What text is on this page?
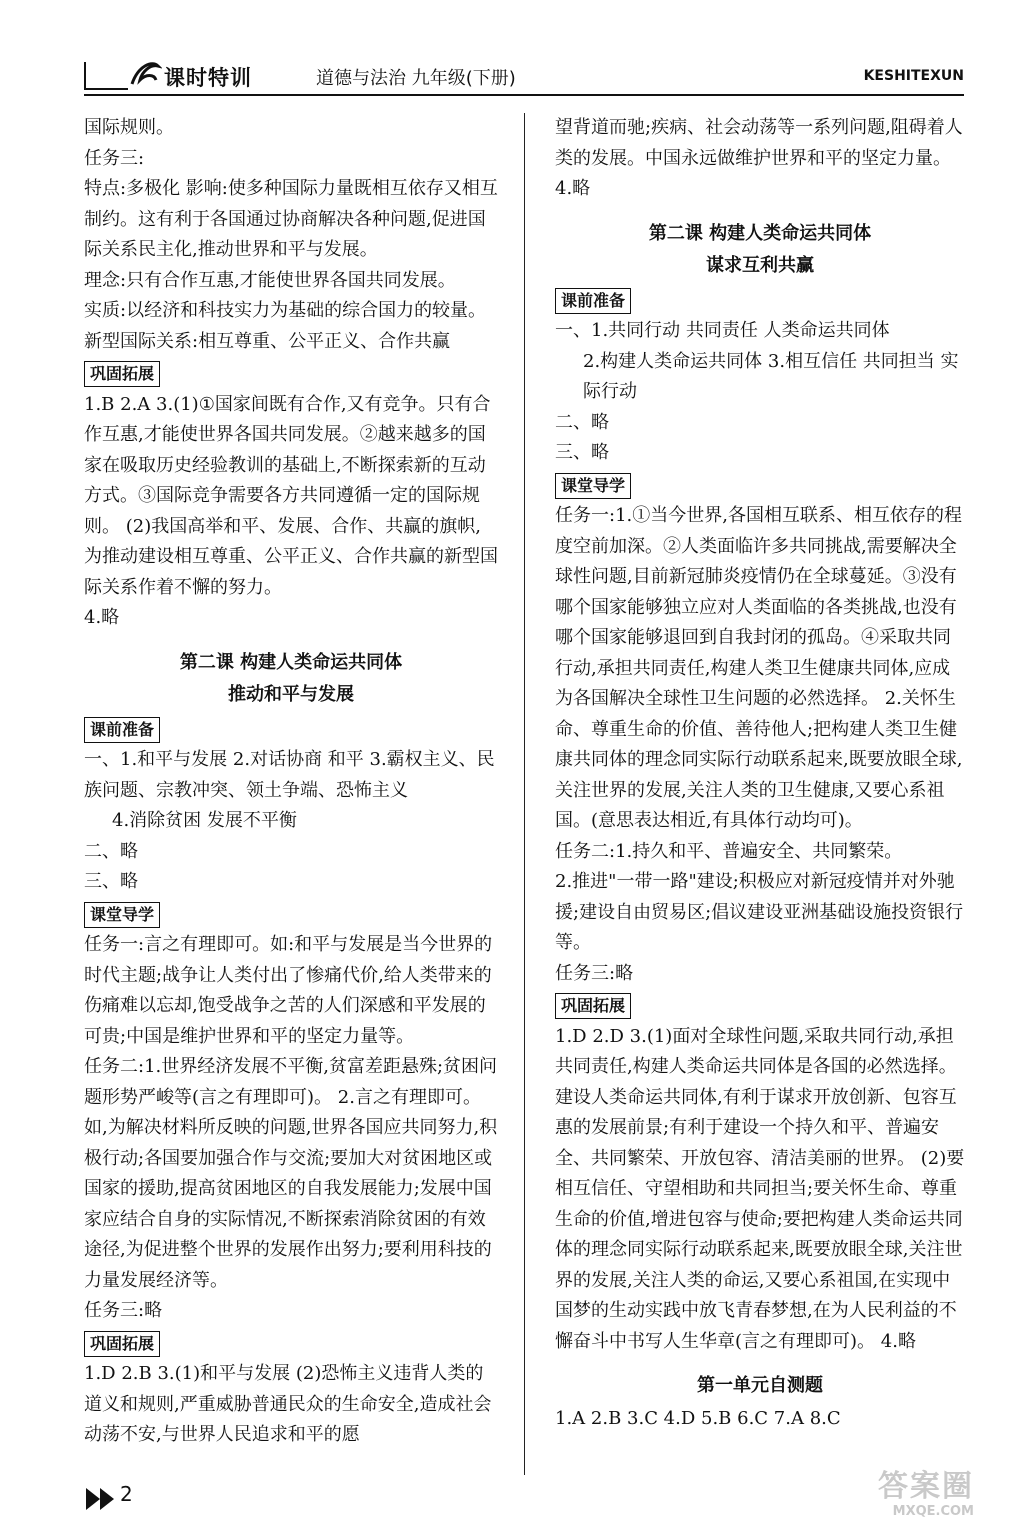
课时特训	道德与法治 九年级(下册)	KESHITEXUN

国际规则。

任务三:

特点:多极化 影响:使多种国际力量既相互依存又相互制约。这有利于各国通过协商解决各种问题,促进国际关系民主化,推动世界和平与发展。

理念:只有合作互惠,才能使世界各国共同发展。

实质:以经济和科技实力为基础的综合国力的较量。新型国际关系:相互尊重、公平正义、合作共赢

巩固拓展

1.B 2.A 3.(1)①国家间既有合作,又有竞争。只有合作互惠,才能使世界各国共同发展。②越来越多的国家在吸取历史经验教训的基础上,不断探索新的互动方式。③国际竞争需要各方共同遵循一定的国际规则。 (2)我国高举和平、发展、合作、共赢的旗帜,为推动建设相互尊重、公平正义、合作共赢的新型国际关系作着不懈的努力。

4.略

第二课 构建人类命运共同体
推动和平与发展
课前准备

一、1.和平与发展 2.对话协商 和平 3.霸权主义、民族问题、宗教冲突、领土争端、恐怖主义

4.消除贫困 发展不平衡

二、略

三、略

课堂导学

任务一:言之有理即可。如:和平与发展是当今世界的时代主题;战争让人类付出了惨痛代价,给人类带来的伤痛难以忘却,饱受战争之苦的人们深感和平发展的可贵;中国是维护世界和平的坚定力量等。

任务二:1.世界经济发展不平衡,贫富差距悬殊;贫困问题形势严峻等(言之有理即可)。 2.言之有理即可。如,为解决材料所反映的问题,世界各国应共同努力,积极行动;各国要加强合作与交流;要加大对贫困地区或国家的援助,提高贫困地区的自我发展能力;发展中国家应结合自身的实际情况,不断探索消除贫困的有效途径,为促进整个世界的发展作出努力;要利用科技的力量发展经济等。

任务三:略

巩固拓展

1.D 2.B 3.(1)和平与发展 (2)恐怖主义违背人类的道义和规则,严重威胁普通民众的生命安全,造成社会动荡不安,与世界人民追求和平的愿

望背道而驰;疾病、社会动荡等一系列问题,阻碍着人类的发展。中国永远做维护世界和平的坚定力量。 4.略

第二课 构建人类命运共同体
谋求互利共赢
课前准备

一、1.共同行动 共同责任 人类命运共同体

2.构建人类命运共同体 3.相互信任 共同担当 实际行动

二、略

三、略

课堂导学

任务一:1.①当今世界,各国相互联系、相互依存的程度空前加深。②人类面临许多共同挑战,需要解决全球性问题,目前新冠肺炎疫情仍在全球蔓延。③没有哪个国家能够独立应对人类面临的各类挑战,也没有哪个国家能够退回到自我封闭的孤岛。④采取共同行动,承担共同责任,构建人类卫生健康共同体,应成为各国解决全球性卫生问题的必然选择。 2.关怀生命、尊重生命的价值、善待他人;把构建人类卫生健康共同体的理念同实际行动联系起来,既要放眼全球,关注世界的发展,关注人类的卫生健康,又要心系祖国。(意思表达相近,有具体行动均可)。

任务二:1.持久和平、普遍安全、共同繁荣。

2.推进"一带一路"建设;积极应对新冠疫情并对外驰援;建设自由贸易区;倡议建设亚洲基础设施投资银行等。

任务三:略

巩固拓展

1.D 2.D 3.(1)面对全球性问题,采取共同行动,承担共同责任,构建人类命运共同体是各国的必然选择。建设人类命运共同体,有利于谋求开放创新、包容互惠的发展前景;有利于建设一个持久和平、普遍安全、共同繁荣、开放包容、清洁美丽的世界。 (2)要相互信任、守望相助和共同担当;要关怀生命、尊重生命的价值,增进包容与使命;要把构建人类命运共同体的理念同实际行动联系起来,既要放眼全球,关注世界的发展,关注人类的命运,又要心系祖国,在实现中国梦的生动实践中放飞青春梦想,在为人民利益的不懈奋斗中书写人生华章(言之有理即可)。 4.略

第一单元自测题

1.A 2.B 3.C 4.D 5.B 6.C 7.A 8.C

2	答案圈
MXQE.COM
